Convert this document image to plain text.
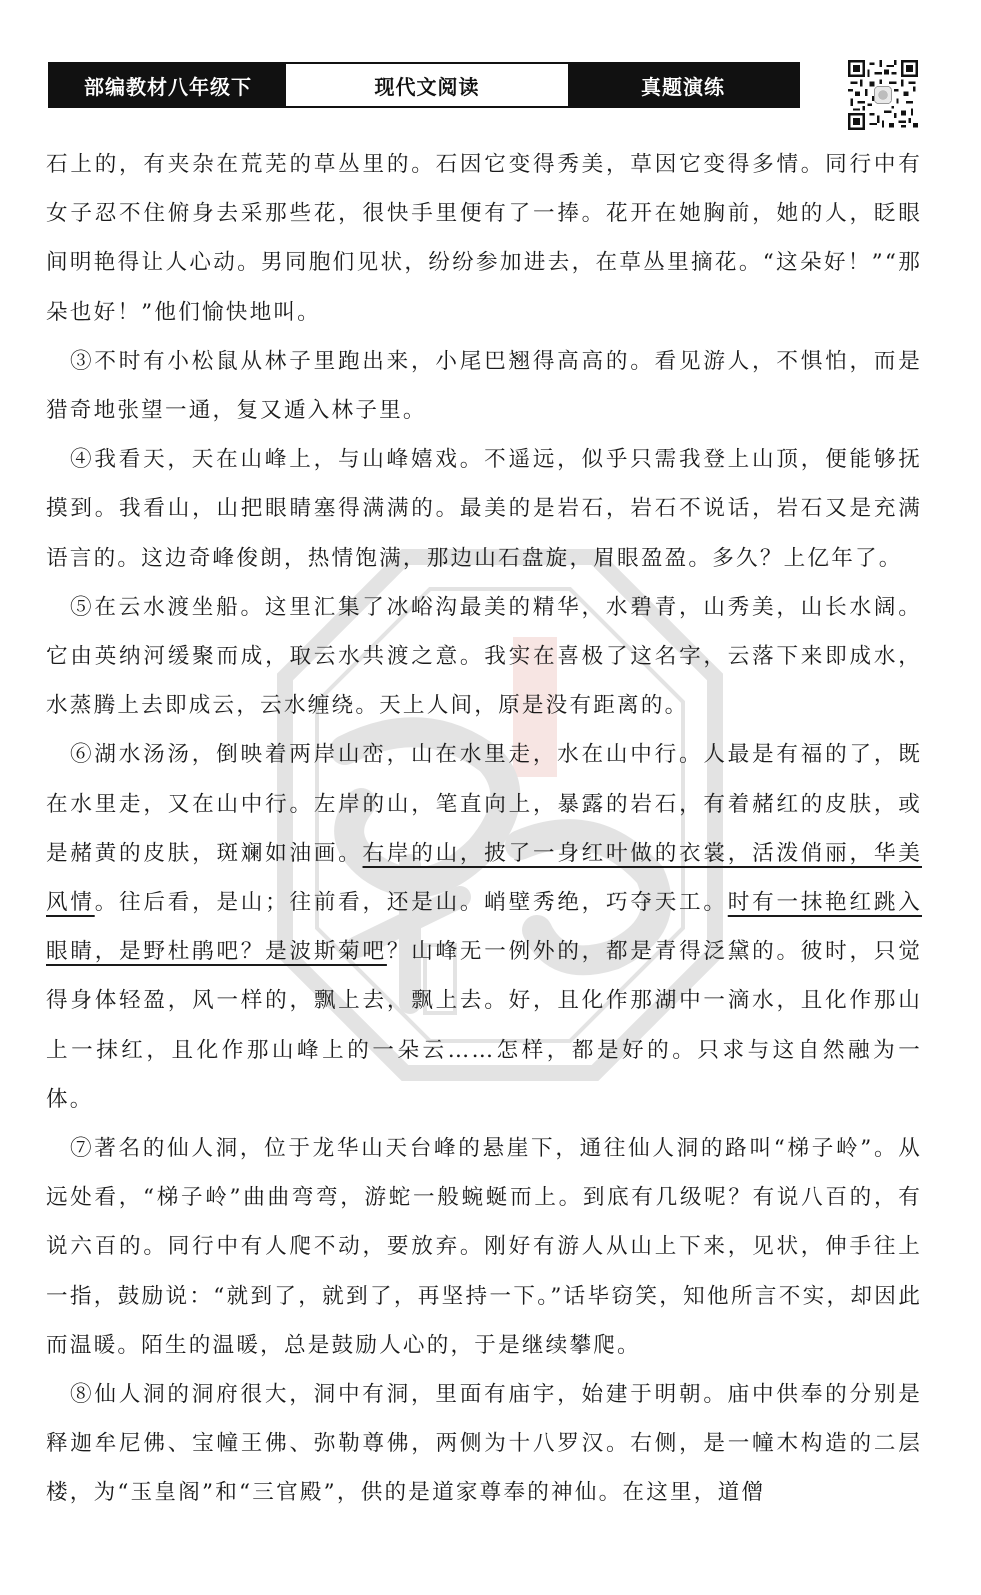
部编教材八年级下	现代文阅读	真题演练

石上的，有夹杂在荒芜的草丛里的。石因它变得秀美，草因它变得多情。同行中有女子忍不住俯身去采那些花，很快手里便有了一捧。花开在她胸前，她的人，眨眼间明艳得让人心动。男同胞们见状，纷纷参加进去，在草丛里摘花。“这朵好！”“那朵也好！”他们愉快地叫。

③不时有小松鼠从林子里跑出来，小尾巴翘得高高的。看见游人，不惧怕，而是猎奇地张望一通，复又遁入林子里。

④我看天，天在山峰上，与山峰嬉戏。不遥远，似乎只需我登上山顶，便能够抚摸到。我看山，山把眼睛塞得满满的。最美的是岩石，岩石不说话，岩石又是充满语言的。这边奇峰俊朗，热情饱满，那边山石盘旋，眉眼盈盈。多久？上亿年了。

⑤在云水渡坐船。这里汇集了冰峪沟最美的精华，水碧青，山秀美，山长水阔。它由英纳河缓聚而成，取云水共渡之意。我实在喜极了这名字，云落下来即成水，水蒸腾上去即成云，云水缠绕。天上人间，原是没有距离的。

⑥湖水汤汤，倒映着两岸山峦，山在水里走，水在山中行。人最是有福的了，既在水里走，又在山中行。左岸的山，笔直向上，暴露的岩石，有着赭红的皮肤，或是赭黄的皮肤，斑斓如油画。右岸的山，披了一身红叶做的衣裳，活泼俏丽，华美风情。往后看，是山；往前看，还是山。峭壁秀绝，巧夺天工。时有一抹艳红跳入眼睛，是野杜鹃吧？是波斯菊吧？山峰无一例外的，都是青得泛黛的。彼时，只觉得身体轻盈，风一样的，飘上去，飘上去。好，且化作那湖中一滴水，且化作那山上一抹红，且化作那山峰上的一朵云……怎样，都是好的。只求与这自然融为一体。

⑦著名的仙人洞，位于龙华山天台峰的悬崖下，通往仙人洞的路叫“梯子岭”。从远处看，“梯子岭”曲曲弯弯，游蛇一般蜿蜒而上。到底有几级呢？有说八百的，有说六百的。同行中有人爬不动，要放弃。刚好有游人从山上下来，见状，伸手往上一指，鼓励说：“就到了，就到了，再坚持一下。”话毕窃笑，知他所言不实，却因此而温暖。陌生的温暖，总是鼓励人心的，于是继续攀爬。

⑧仙人洞的洞府很大，洞中有洞，里面有庙宇，始建于明朝。庙中供奉的分别是释迦牟尼佛、宝幢王佛、弥勒尊佛，两侧为十八罗汉。右侧，是一幢木构造的二层楼，为“玉皇阁”和“三官殿”，供的是道家尊奉的神仙。在这里，道僧
